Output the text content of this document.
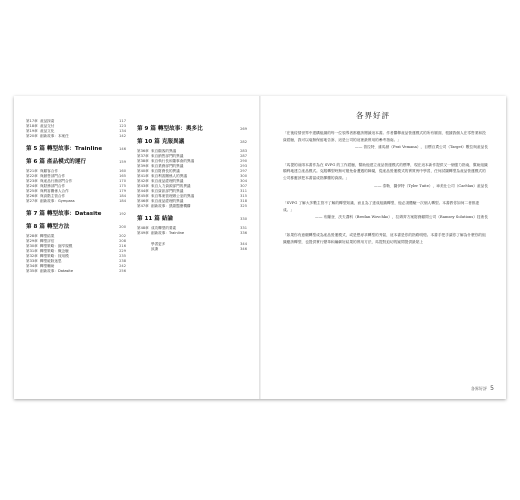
第17章 產品探索	117
第18章 產品交付	123
第19章 產品文化	134
第20章 創新故事：本案任	142
第 5 篇 轉型故事：Trainline	146
第 6 篇 產品模式的運行	159
第21章 與顧客合作	160
第22章 與銷售部門合作	165
第23章 與產品行銷部門合作	170
第24章 與財務部門合作	175
第25章 與利害關係人合作	179
第26章 與高階主管合作	184
第27章 創新故事：Gympass	184
第 7 篇 轉型故事：Datasite	192
第 8 篇 轉型方法	200
第28章 轉型結果	202
第29章 轉型評估	208
第30章 轉型策略：縮窄規模	216
第31章 轉型策略：概念驗	229
第32章 轉型策略：採用模	235
第33章 轉型破除迷思	238
第34章 轉型輔助	242
第35章 創新故事：Datasite	256
第 9 篇 轉型故事：奧多比	269
第 10 篇 克服異議	282
第36章 來自顧客的異議	283
第37章 來自銷售部門的異議	287
第38章 來自執行長和董事會的異議	290
第39章 來自業務部門的異議	293
第40章 來自財務長的異議	297
第41章 來自利害關係人的異議	300
第42章 來自產品經理的異議	304
第43章 來自人力資源部門的異議	307
第44章 來自資訊部門的異議	311
第45章 來自專案管理辦公室的異議	315
第46章 來自產品經理的異議	318
第47章 創新故事：凱薩醫療機構	325
第 11 篇 結論	330
第48章 成功轉型的要素	331
第49章 創新故事：Trainline	336
學習更多	344
致謝	346
各界好評
「在後疫情世界中建構組織的每一位領導者都應該閱讀這本書。作者闡釋產品營運模式的所有層面，根據我個人在零售業和投資經驗，我可以毫無保留地告訴，這是公司的這裡最實用的參考指南。」
—— 普拉特．維馬納（Prat Vemana），目標百貨公司（Target）數位與產品長
「馬提的前兩本書作為在 SVPG 的工作經驗，幫助他建立產品營運模式的標準，現在這本新作提供又一個強力指南，幫助組織順利地建立產品模式。克服轉型時無可避免會遭遇的障礙，從產品營運模式的實質例中學習，任何試圖轉型為產品營運模式的公司都應該把本書當成指揮棚的資源。」
—— 泰勒．圖伊特（Tyler Tuite），車美仕公司（CarMax）產品長
「SVPG 了解大多數主管不了解的轉型知識，而且為了達成組織轉型，他必須體驗一次個人轉型。本書教你如何二者都達成。」
—— 布蘭登．沃夫喬科（Bredan Wovchko），拉姆齊方案財務顧問公司（Ramsey Solutions）技術長
「如果你有意願轉型成為產品營運模式，或是想尋求轉型的秀氣，這本書是你的指路明燈。本書手把手讓你了解為什麼你的組織應該轉型，也提供實行變革和編劇好結果的實用方法，馬提對迫切的疑問提供最貼上
各界好評 5
